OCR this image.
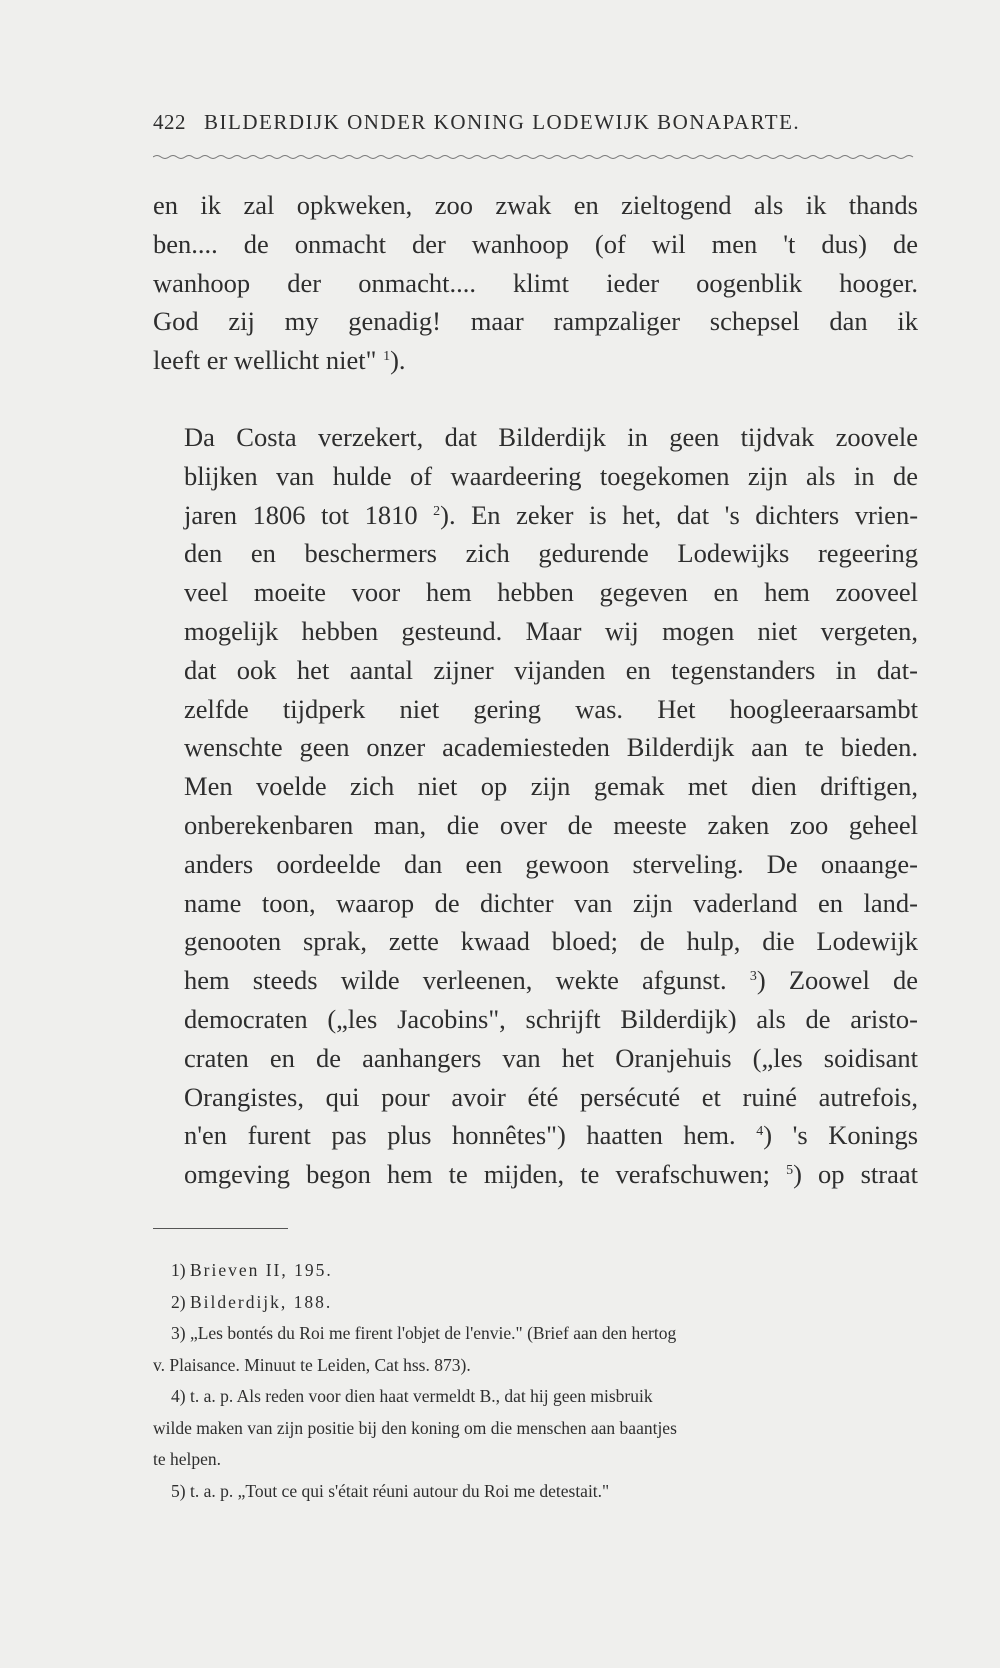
422 BILDERDIJK ONDER KONING LODEWIJK BONAPARTE.

en ik zal opkweken, zoo zwak en zieltogend als ik thands
ben.... de onmacht der wanhoop (of wil men 't dus) de
wanhoop der onmacht.... klimt ieder oogenblik hooger.
God zij my genadig! maar rampzaliger schepsel dan ik
leeft er wellicht niet" $^1$).

Da Costa verzekert, dat Bilderdijk in geen tijdvak zoovele
blijken van hulde of waardeering toegekomen zijn als in de
jaren 1806 tot 1810 $^2$). En zeker is het, dat 's dichters vrien-
den en beschermers zich gedurende Lodewijks regeering
veel moeite voor hem hebben gegeven en hem zooveel
mogelijk hebben gesteund. Maar wij mogen niet vergeten,
dat ook het aantal zijner vijanden en tegenstanders in dat-
zelfde tijdperk niet gering was. Het hoogleeraarsambt
wenschte geen onzer academiesteden Bilderdijk aan te bieden.
Men voelde zich niet op zijn gemak met dien driftigen,
onberekenbaren man, die over de meeste zaken zoo geheel
anders oordeelde dan een gewoon sterveling. De onaange-
name toon, waarop de dichter van zijn vaderland en land-
genooten sprak, zette kwaad bloed; de hulp, die Lodewijk
hem steeds wilde verleenen, wekte afgunst. $^3$) Zoowel de
democraten („les Jacobins", schrijft Bilderdijk) als de aristo-
craten en de aanhangers van het Oranjehuis („les soidisant
Orangistes, qui pour avoir été persécuté et ruiné autrefois,
n'en furent pas plus honnêtes") haatten hem. $^4$) 's Konings
omgeving begon hem te mijden, te verafschuwen; $^5$) op straat

1) Brieven II, 195.
2) Bilderdijk, 188.
3) „Les bontés du Roi me firent l'objet de l'envie." (Brief aan den hertog
v. Plaisance. Minuut te Leiden, Cat hss. 873).
4) t. a. p. Als reden voor dien haat vermeldt B., dat hij geen misbruik
wilde maken van zijn positie bij den koning om die menschen aan baantjes
te helpen.
5) t. a. p. „Tout ce qui s'était réuni autour du Roi me detestait."
